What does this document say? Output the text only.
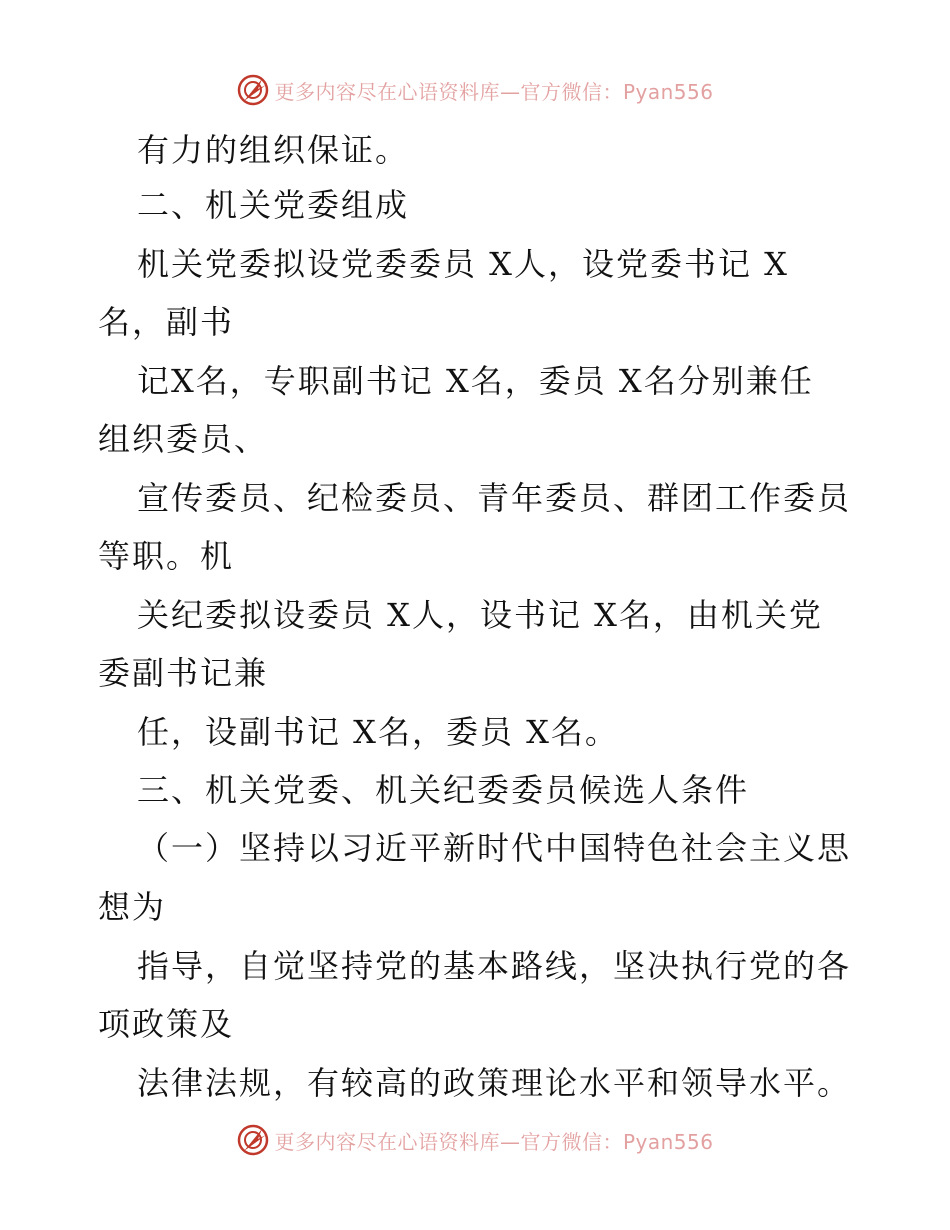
更多内容尽在心语资料库—官方微信：Pyan556
有力的组织保证。
二、机关党委组成
机关党委拟设党委委员 X人，设党委书记 X
名，副书
记X名，专职副书记 X名，委员 X名分别兼任
组织委员、
宣传委员、纪检委员、青年委员、群团工作委员
等职。机
关纪委拟设委员 X人，设书记 X名，由机关党
委副书记兼
任，设副书记 X名，委员 X名。
三、机关党委、机关纪委委员候选人条件
（一）坚持以习近平新时代中国特色社会主义思
想为
指导，自觉坚持党的基本路线，坚决执行党的各
项政策及
法律法规，有较高的政策理论水平和领导水平。
更多内容尽在心语资料库—官方微信：Pyan556
